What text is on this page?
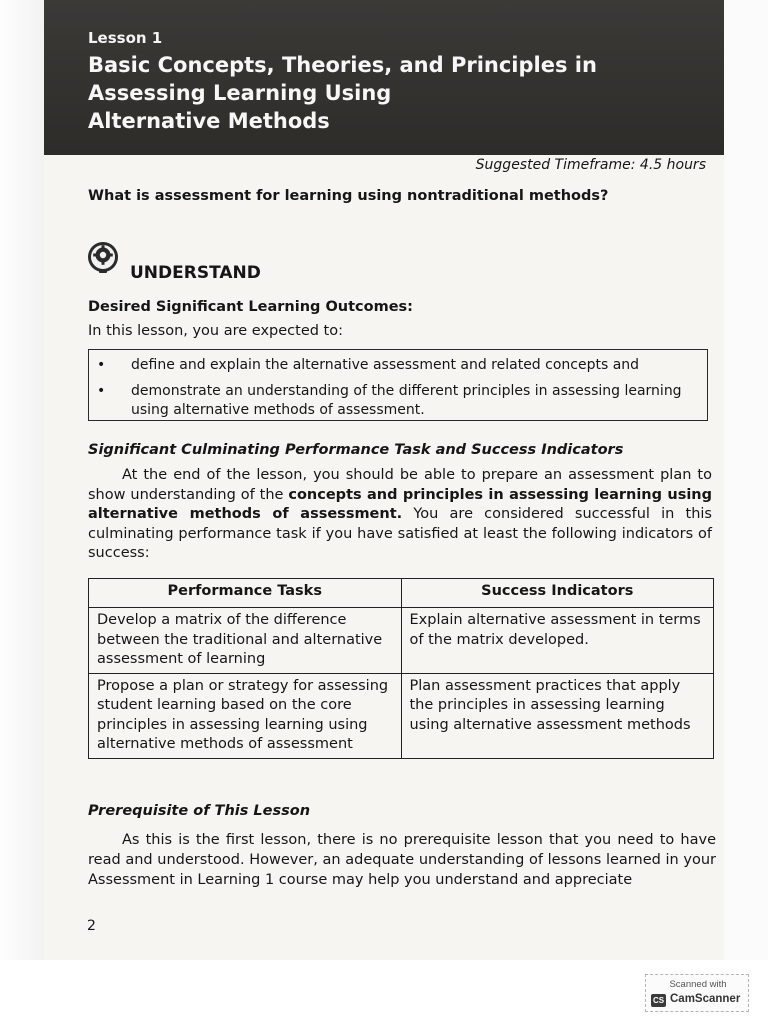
Lesson 1
Basic Concepts, Theories, and Principles in
Assessing Learning Using
Alternative Methods
Suggested Timeframe: 4.5 hours
What is assessment for learning using nontraditional methods?
UNDERSTAND
Desired Significant Learning Outcomes:
In this lesson, you are expected to:
• define and explain the alternative assessment and related concepts and
• demonstrate an understanding of the different principles in assessing learning using alternative methods of assessment.
Significant Culminating Performance Task and Success Indicators
At the end of the lesson, you should be able to prepare an assessment plan to show understanding of the concepts and principles in assessing learning using alternative methods of assessment. You are considered successful in this culminating performance task if you have satisfied at least the following indicators of success:
Performance Tasks	Success Indicators
Develop a matrix of the difference between the traditional and alternative assessment of learning	Explain alternative assessment in terms of the matrix developed.
Propose a plan or strategy for assessing student learning based on the core principles in assessing learning using alternative methods of assessment	Plan assessment practices that apply the principles in assessing learning using alternative assessment methods
Prerequisite of This Lesson
As this is the first lesson, there is no prerequisite lesson that you need to have read and understood. However, an adequate understanding of lessons learned in your Assessment in Learning 1 course may help you understand and appreciate
2
Scanned with
CS CamScanner
